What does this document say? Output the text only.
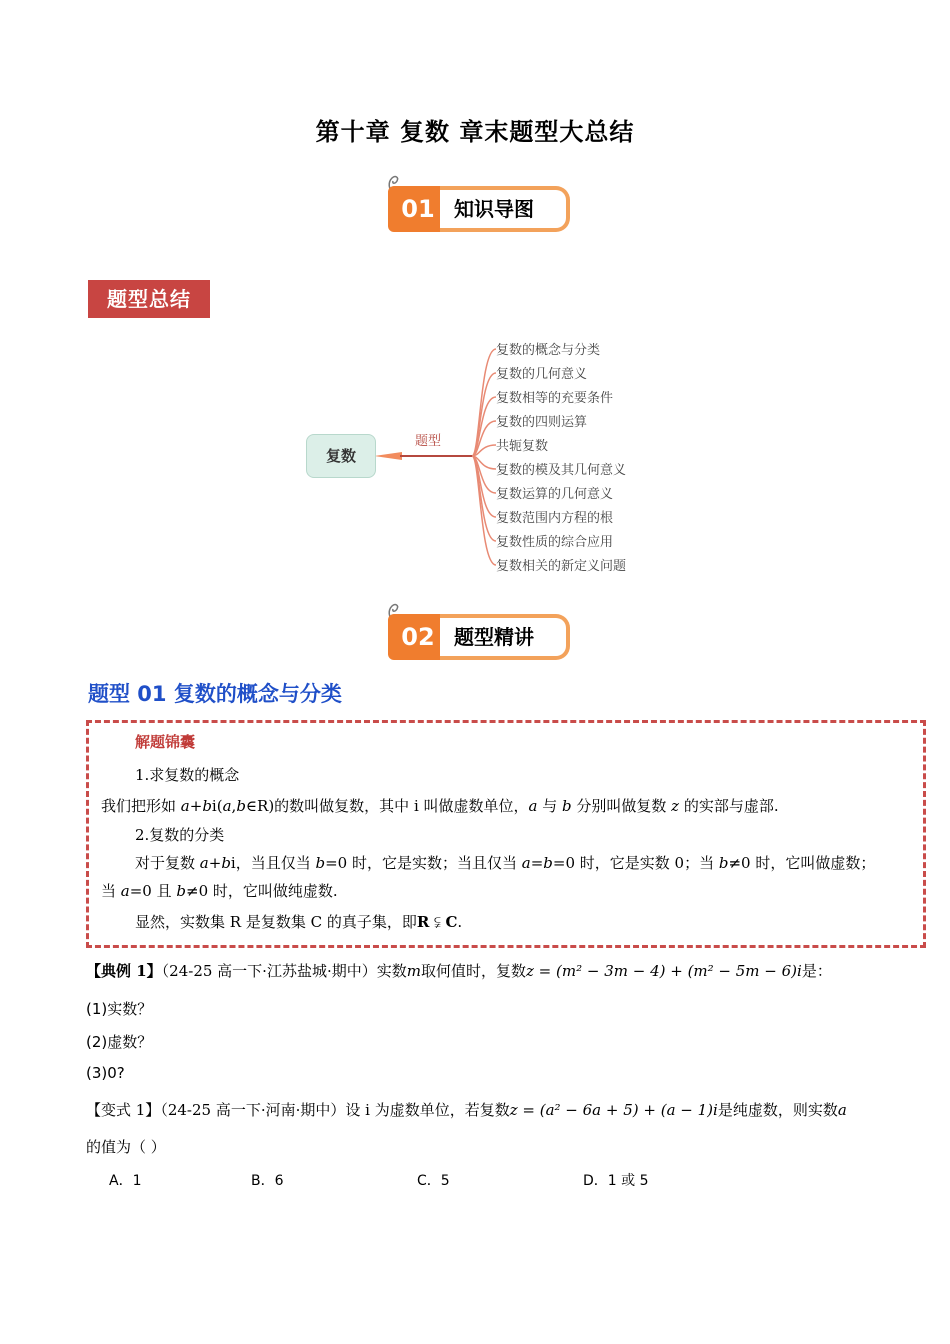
第十章 复数 章末题型大总结
01 知识导图
题型总结
复数
题型
复数的概念与分类
复数的几何意义
复数相等的充要条件
复数的四则运算
共轭复数
复数的模及其几何意义
复数运算的几何意义
复数范围内方程的根
复数性质的综合应用
复数相关的新定义问题
02 题型精讲
题型 01 复数的概念与分类
解题锦囊
1.求复数的概念
我们把形如 a+bi(a,b∈R)的数叫做复数，其中 i 叫做虚数单位，a 与 b 分别叫做复数 z 的实部与虚部.
2.复数的分类
对于复数 a+bi，当且仅当 b=0 时，它是实数；当且仅当 a=b=0 时，它是实数 0；当 b≠0 时，它叫做虚数；
当 a=0 且 b≠0 时，它叫做纯虚数.
显然，实数集 R 是复数集 C 的真子集，即R ⫋ C.
【典例 1】（24-25 高一下·江苏盐城·期中）实数m取何值时，复数z = (m² − 3m − 4) + (m² − 5m − 6)i是：
(1)实数？
(2)虚数？
(3)0?
【变式 1】（24-25 高一下·河南·期中）设 i 为虚数单位，若复数z = (a² − 6a + 5) + (a − 1)i是纯虚数，则实数a
的值为（ ）
A．1	B．6	C．5	D．1 或 5
